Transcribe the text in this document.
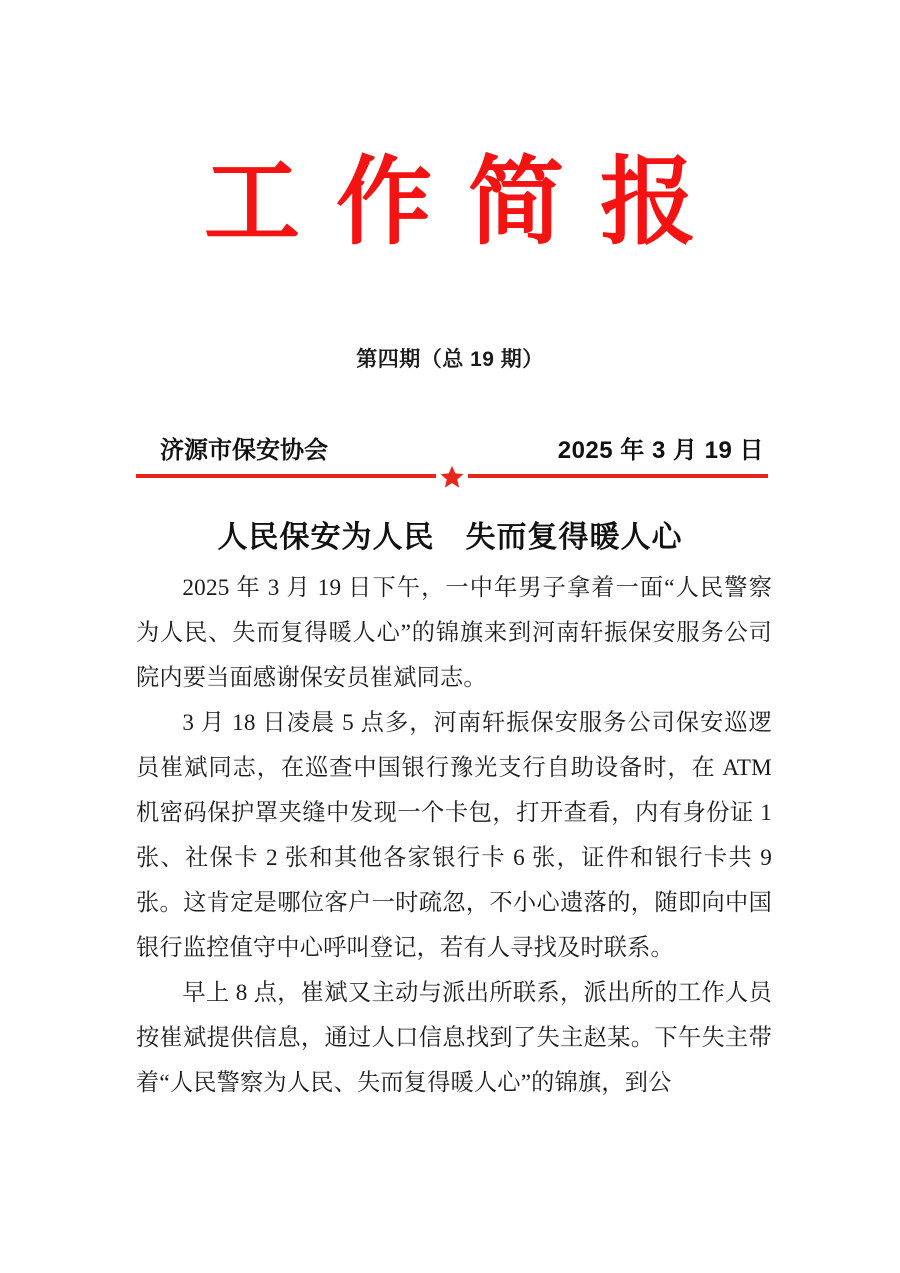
工作简报
第四期（总 19 期）
济源市保安协会	2025 年 3 月 19 日
人民保安为人民　失而复得暖人心

2025 年 3 月 19 日下午，一中年男子拿着一面“人民警察为人民、失而复得暖人心”的锦旗来到河南轩振保安服务公司院内要当面感谢保安员崔斌同志。

3 月 18 日凌晨 5 点多，河南轩振保安服务公司保安巡逻员崔斌同志，在巡查中国银行豫光支行自助设备时，在 ATM 机密码保护罩夹缝中发现一个卡包，打开查看，内有身份证 1 张、社保卡 2 张和其他各家银行卡 6 张，证件和银行卡共 9 张。这肯定是哪位客户一时疏忽，不小心遗落的，随即向中国银行监控值守中心呼叫登记，若有人寻找及时联系。

早上 8 点，崔斌又主动与派出所联系，派出所的工作人员按崔斌提供信息，通过人口信息找到了失主赵某。下午失主带着“人民警察为人民、失而复得暖人心”的锦旗，到公
